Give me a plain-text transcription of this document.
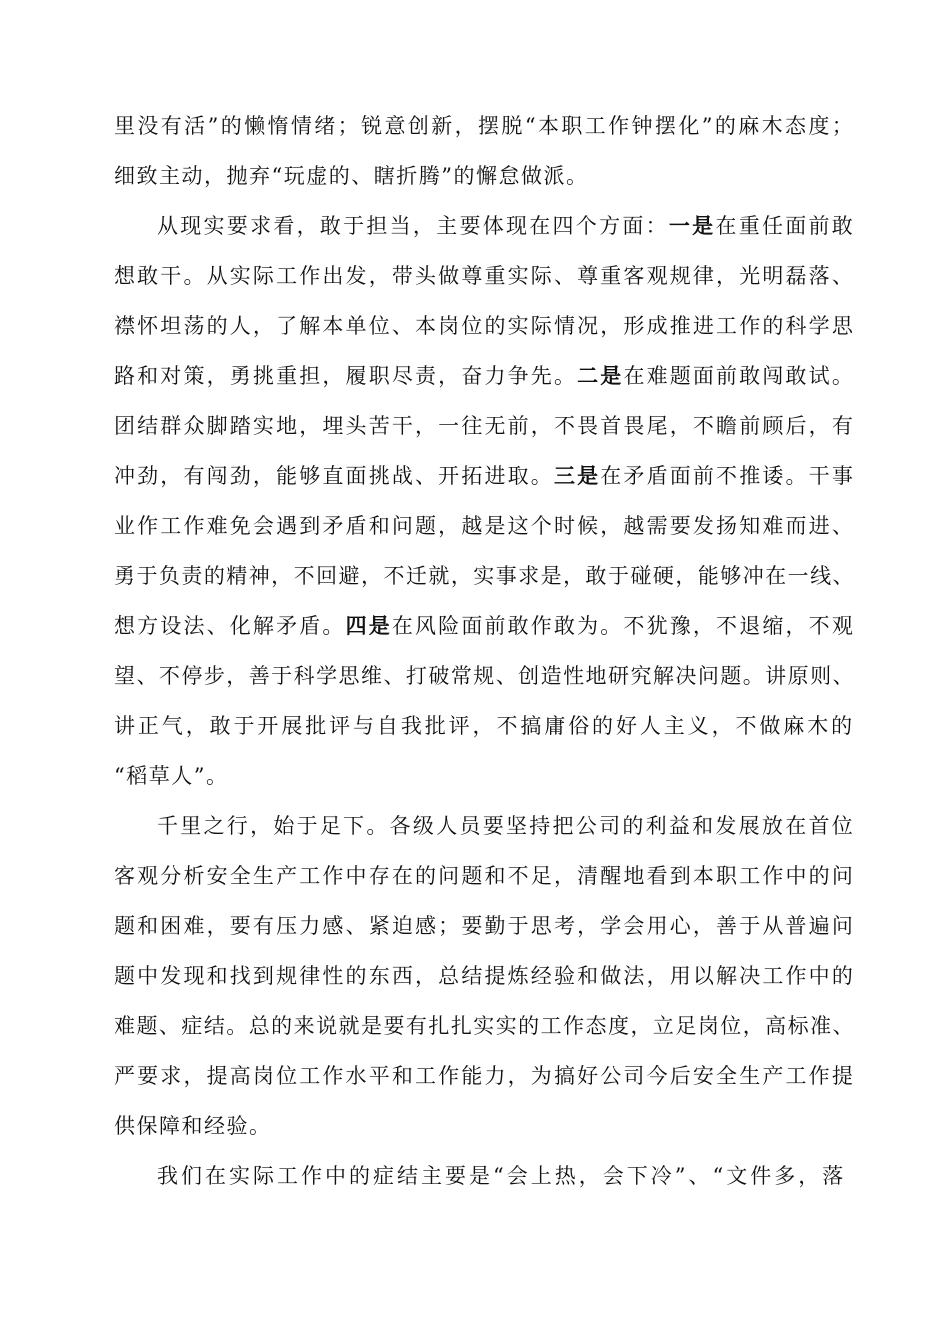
里没有活”的懒惰情绪；锐意创新，摆脱“本职工作钟摆化”的麻木态度；
细致主动，抛弃“玩虚的、瞎折腾”的懈怠做派。
从现实要求看，敢于担当，主要体现在四个方面：一是在重任面前敢
想敢干。从实际工作出发，带头做尊重实际、尊重客观规律，光明磊落、
襟怀坦荡的人，了解本单位、本岗位的实际情况，形成推进工作的科学思
路和对策，勇挑重担，履职尽责，奋力争先。二是在难题面前敢闯敢试。
团结群众脚踏实地，埋头苦干，一往无前，不畏首畏尾，不瞻前顾后，有
冲劲，有闯劲，能够直面挑战、开拓进取。三是在矛盾面前不推诿。干事
业作工作难免会遇到矛盾和问题，越是这个时候，越需要发扬知难而进、
勇于负责的精神，不回避，不迁就，实事求是，敢于碰硬，能够冲在一线、
想方设法、化解矛盾。四是在风险面前敢作敢为。不犹豫，不退缩，不观
望、不停步，善于科学思维、打破常规、创造性地研究解决问题。讲原则、
讲正气，敢于开展批评与自我批评，不搞庸俗的好人主义，不做麻木的
“稻草人”。
千里之行，始于足下。各级人员要坚持把公司的利益和发展放在首位
客观分析安全生产工作中存在的问题和不足，清醒地看到本职工作中的问
题和困难，要有压力感、紧迫感；要勤于思考，学会用心，善于从普遍问
题中发现和找到规律性的东西，总结提炼经验和做法，用以解决工作中的
难题、症结。总的来说就是要有扎扎实实的工作态度，立足岗位，高标准、
严要求，提高岗位工作水平和工作能力，为搞好公司今后安全生产工作提
供保障和经验。
我们在实际工作中的症结主要是“会上热，会下冷”、“文件多，落
